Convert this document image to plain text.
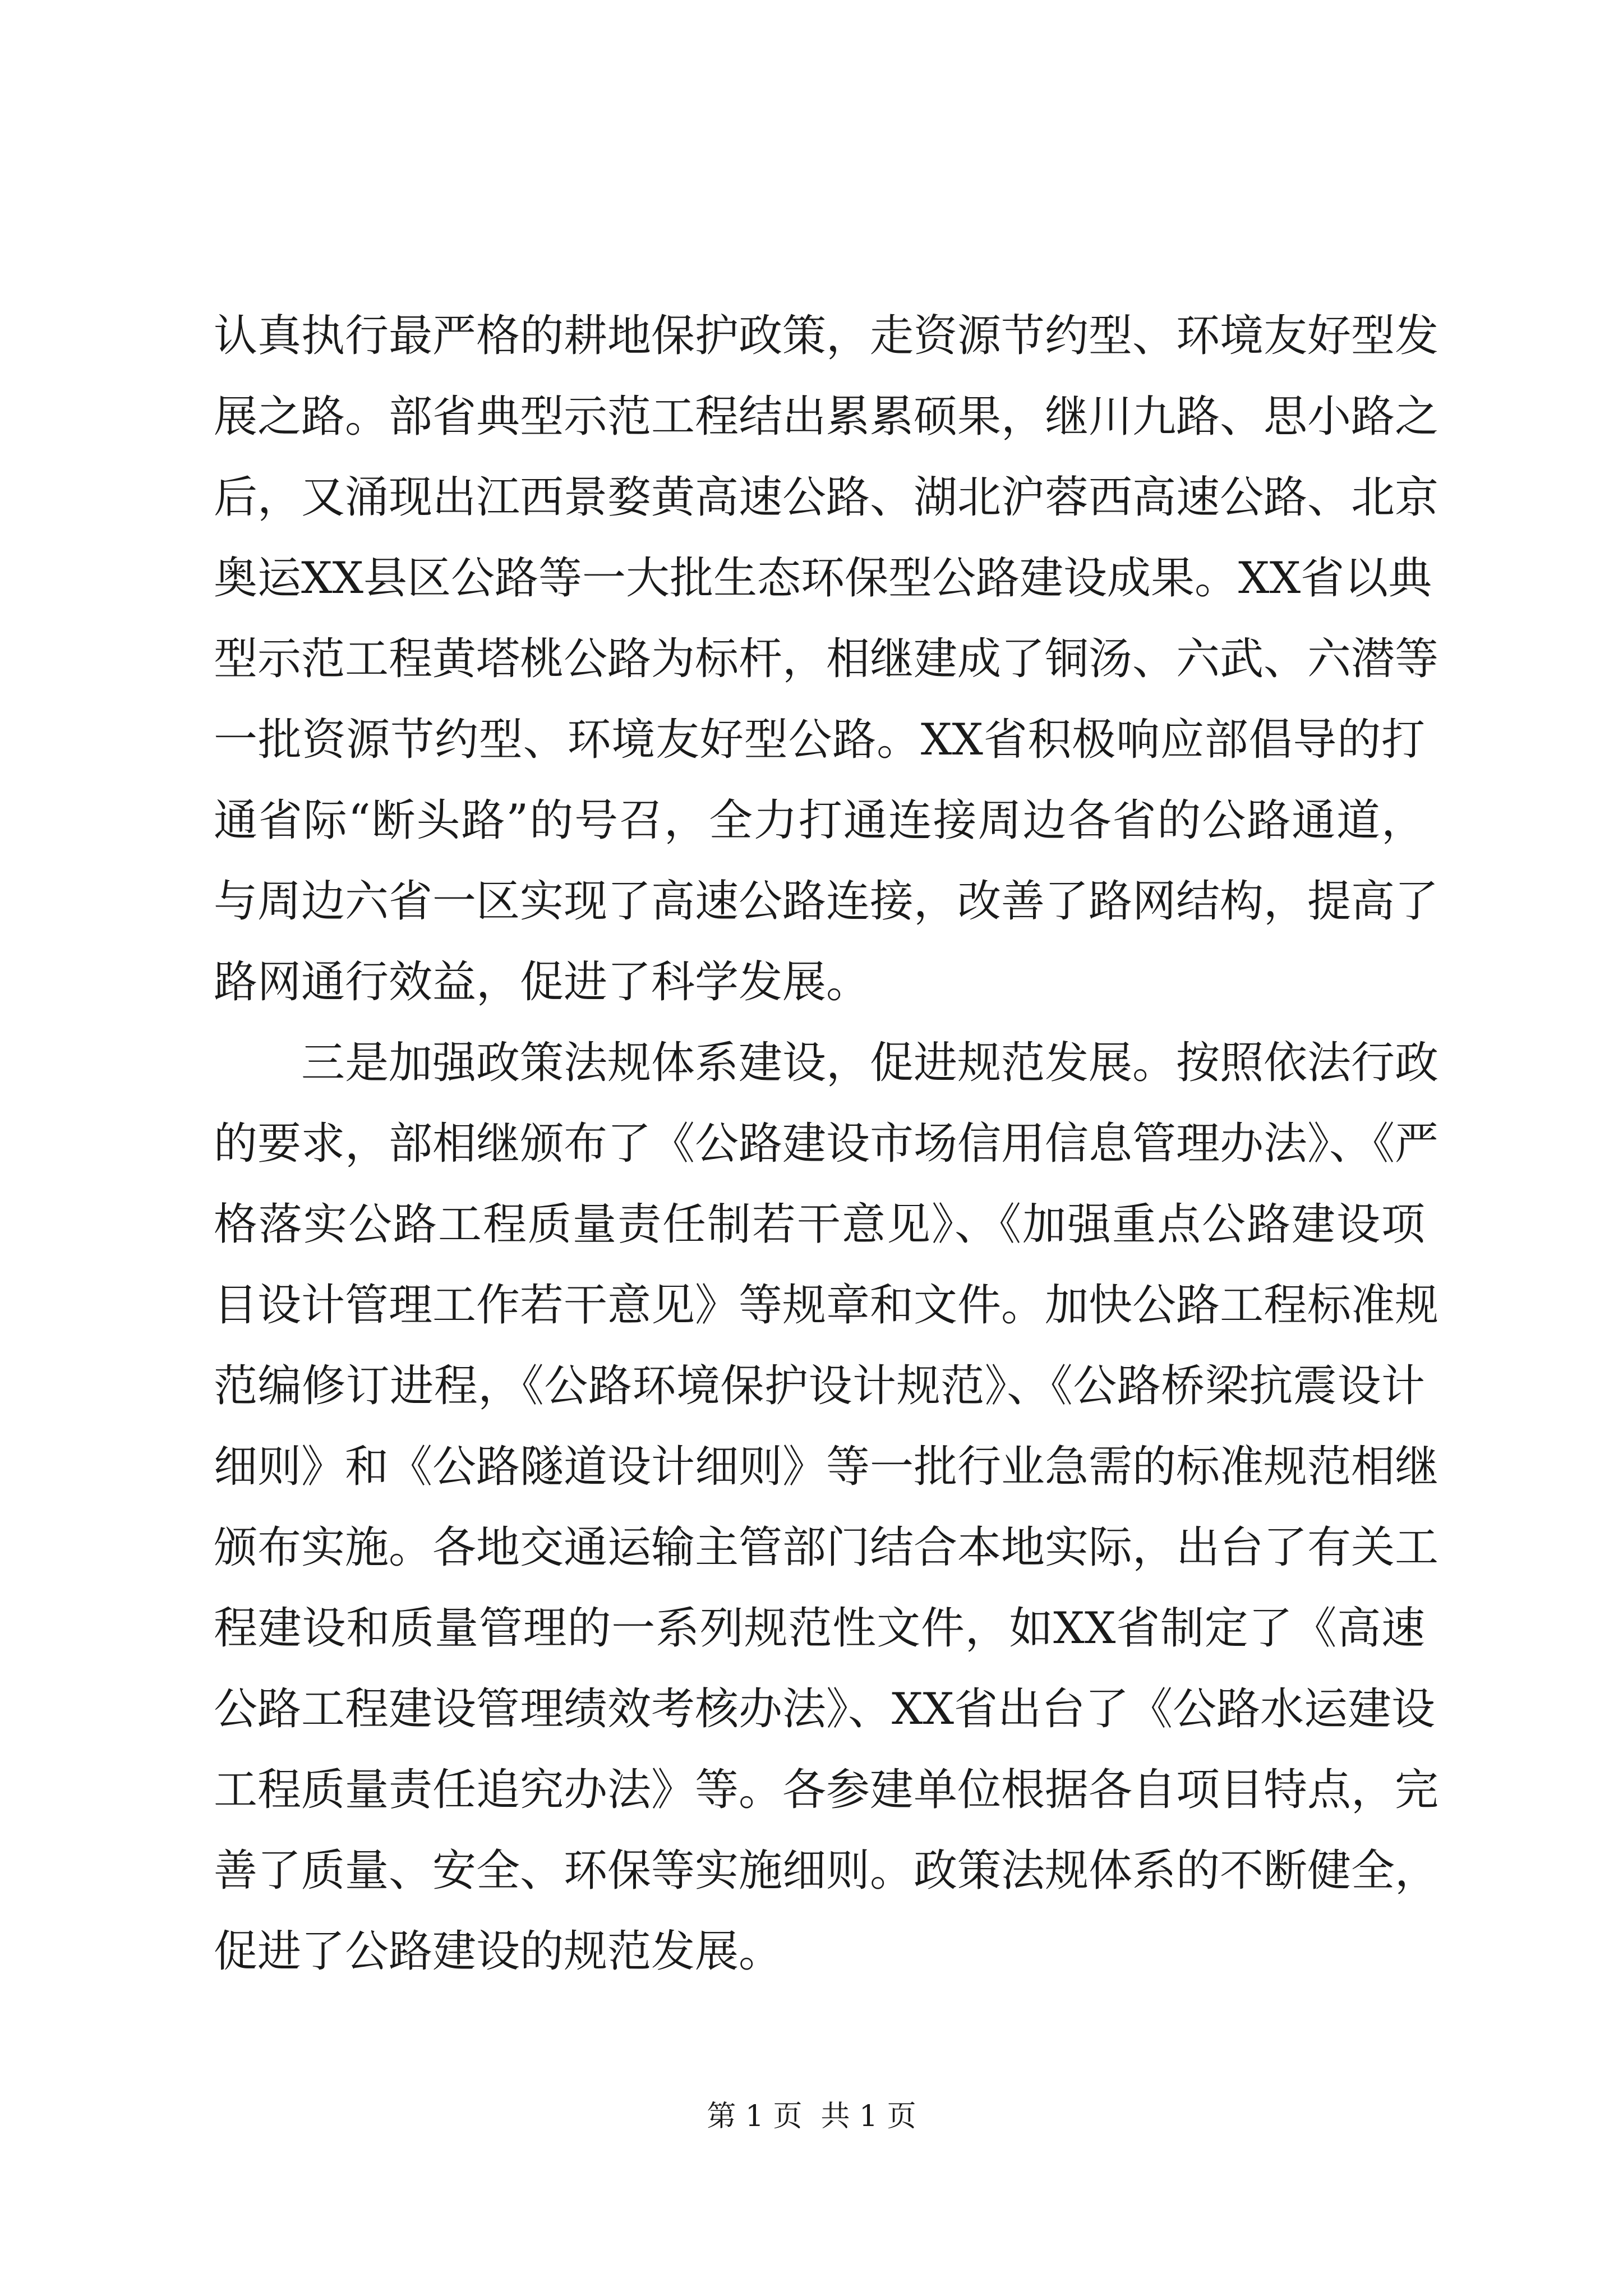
认真执行最严格的耕地保护政策，走资源节约型、环境友好型发
展之路。部省典型示范工程结出累累硕果，继川九路、思小路之
后，又涌现出江西景婺黄高速公路、湖北沪蓉西高速公路、北京
奥运XX县区公路等一大批生态环保型公路建设成果。XX省以典
型示范工程黄塔桃公路为标杆，相继建成了铜汤、六武、六潜等
一批资源节约型、环境友好型公路。XX省积极响应部倡导的打
通省际“断头路”的号召，全力打通连接周边各省的公路通道，
与周边六省一区实现了高速公路连接，改善了路网结构，提高了
路网通行效益，促进了科学发展。
三是加强政策法规体系建设，促进规范发展。按照依法行政
的要求，部相继颁布了《公路建设市场信用信息管理办法》、《严
格落实公路工程质量责任制若干意见》、《加强重点公路建设项
目设计管理工作若干意见》等规章和文件。加快公路工程标准规
范编修订进程，《公路环境保护设计规范》、《公路桥梁抗震设计
细则》和《公路隧道设计细则》等一批行业急需的标准规范相继
颁布实施。各地交通运输主管部门结合本地实际，出台了有关工
程建设和质量管理的一系列规范性文件，如XX省制定了《高速
公路工程建设管理绩效考核办法》、XX省出台了《公路水运建设
工程质量责任追究办法》等。各参建单位根据各自项目特点，完
善了质量、安全、环保等实施细则。政策法规体系的不断健全，
促进了公路建设的规范发展。
第 1 页  共 1 页
